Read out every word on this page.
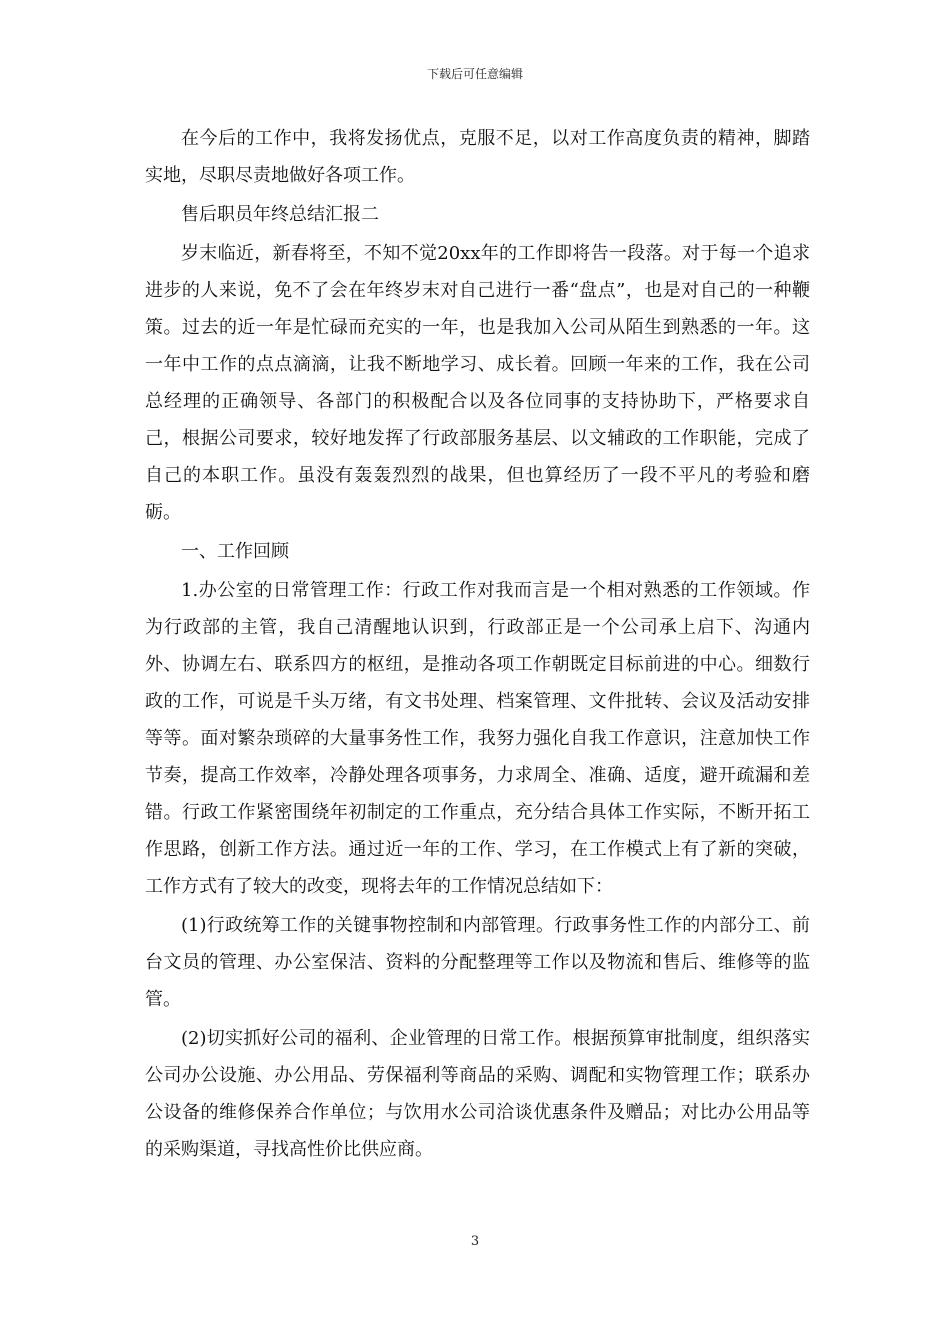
下载后可任意编辑

在今后的工作中，我将发扬优点，克服不足，以对工作高度负责的精神，脚踏实地，尽职尽责地做好各项工作。

售后职员年终总结汇报二

岁末临近，新春将至，不知不觉20xx年的工作即将告一段落。对于每一个追求进步的人来说，免不了会在年终岁末对自己进行一番“盘点”，也是对自己的一种鞭策。过去的近一年是忙碌而充实的一年，也是我加入公司从陌生到熟悉的一年。这一年中工作的点点滴滴，让我不断地学习、成长着。回顾一年来的工作，我在公司总经理的正确领导、各部门的积极配合以及各位同事的支持协助下，严格要求自己，根据公司要求，较好地发挥了行政部服务基层、以文辅政的工作职能，完成了自己的本职工作。虽没有轰轰烈烈的战果，但也算经历了一段不平凡的考验和磨砺。

一、工作回顾

1.办公室的日常管理工作：行政工作对我而言是一个相对熟悉的工作领域。作为行政部的主管，我自己清醒地认识到，行政部正是一个公司承上启下、沟通内外、协调左右、联系四方的枢纽，是推动各项工作朝既定目标前进的中心。细数行政的工作，可说是千头万绪，有文书处理、档案管理、文件批转、会议及活动安排等等。面对繁杂琐碎的大量事务性工作，我努力强化自我工作意识，注意加快工作节奏，提高工作效率，冷静处理各项事务，力求周全、准确、适度，避开疏漏和差错。行政工作紧密围绕年初制定的工作重点，充分结合具体工作实际，不断开拓工作思路，创新工作方法。通过近一年的工作、学习，在工作模式上有了新的突破，工作方式有了较大的改变，现将去年的工作情况总结如下：

(1)行政统筹工作的关键事物控制和内部管理。行政事务性工作的内部分工、前台文员的管理、办公室保洁、资料的分配整理等工作以及物流和售后、维修等的监管。

(2)切实抓好公司的福利、企业管理的日常工作。根据预算审批制度，组织落实公司办公设施、办公用品、劳保福利等商品的采购、调配和实物管理工作；联系办公设备的维修保养合作单位；与饮用水公司洽谈优惠条件及赠品；对比办公用品等的采购渠道，寻找高性价比供应商。

3
